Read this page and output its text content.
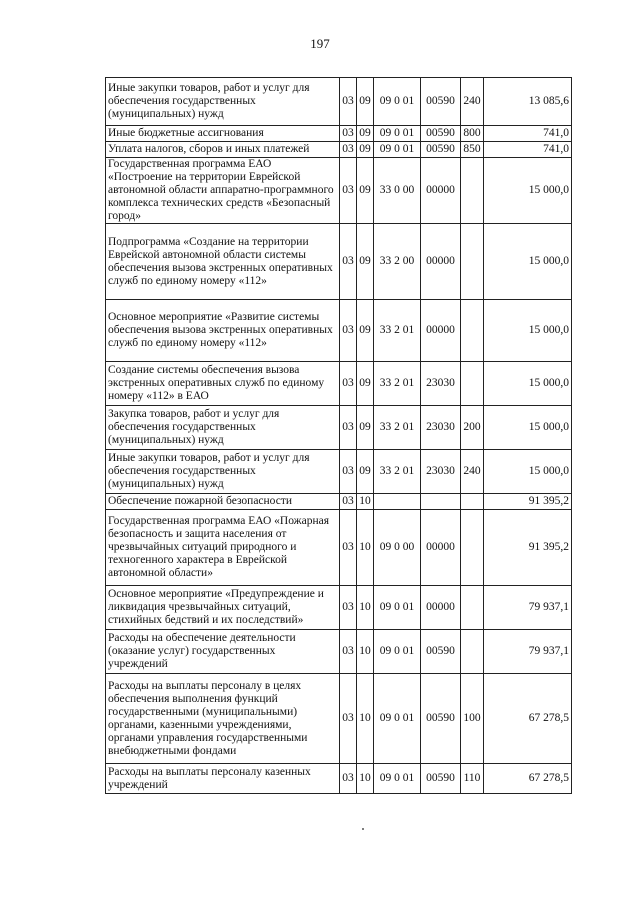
197
Иные закупки товаров, работ и услуг для обеспечения государственных (муниципальных) нужд	03	09	09 0 01	00590	240	13 085,6
Иные бюджетные ассигнования	03	09	09 0 01	00590	800	741,0
Уплата налогов, сборов и иных платежей	03	09	09 0 01	00590	850	741,0
Государственная программа ЕАО «Построение на территории Еврейской автономной области аппаратно-программного комплекса технических средств «Безопасный город»	03	09	33 0 00	00000		15 000,0
Подпрограмма «Создание на территории Еврейской автономной области системы обеспечения вызова экстренных оперативных служб по единому номеру «112»	03	09	33 2 00	00000		15 000,0
Основное мероприятие «Развитие системы обеспечения вызова экстренных оперативных служб по единому номеру «112»	03	09	33 2 01	00000		15 000,0
Создание системы обеспечения вызова экстренных оперативных служб по единому номеру «112» в ЕАО	03	09	33 2 01	23030		15 000,0
Закупка товаров, работ и услуг для обеспечения государственных (муниципальных) нужд	03	09	33 2 01	23030	200	15 000,0
Иные закупки товаров, работ и услуг для обеспечения государственных (муниципальных) нужд	03	09	33 2 01	23030	240	15 000,0
Обеспечение пожарной безопасности	03	10				91 395,2
Государственная программа ЕАО «Пожарная безопасность и защита населения от чрезвычайных ситуаций природного и техногенного характера в Еврейской автономной области»	03	10	09 0 00	00000		91 395,2
Основное мероприятие «Предупреждение и ликвидация чрезвычайных ситуаций, стихийных бедствий и их последствий»	03	10	09 0 01	00000		79 937,1
Расходы на обеспечение деятельности (оказание услуг) государственных учреждений	03	10	09 0 01	00590		79 937,1
Расходы на выплаты персоналу в целях обеспечения выполнения функций государственными (муниципальными) органами, казенными учреждениями, органами управления государственными внебюджетными фондами	03	10	09 0 01	00590	100	67 278,5
Расходы на выплаты персоналу казенных учреждений	03	10	09 0 01	00590	110	67 278,5
